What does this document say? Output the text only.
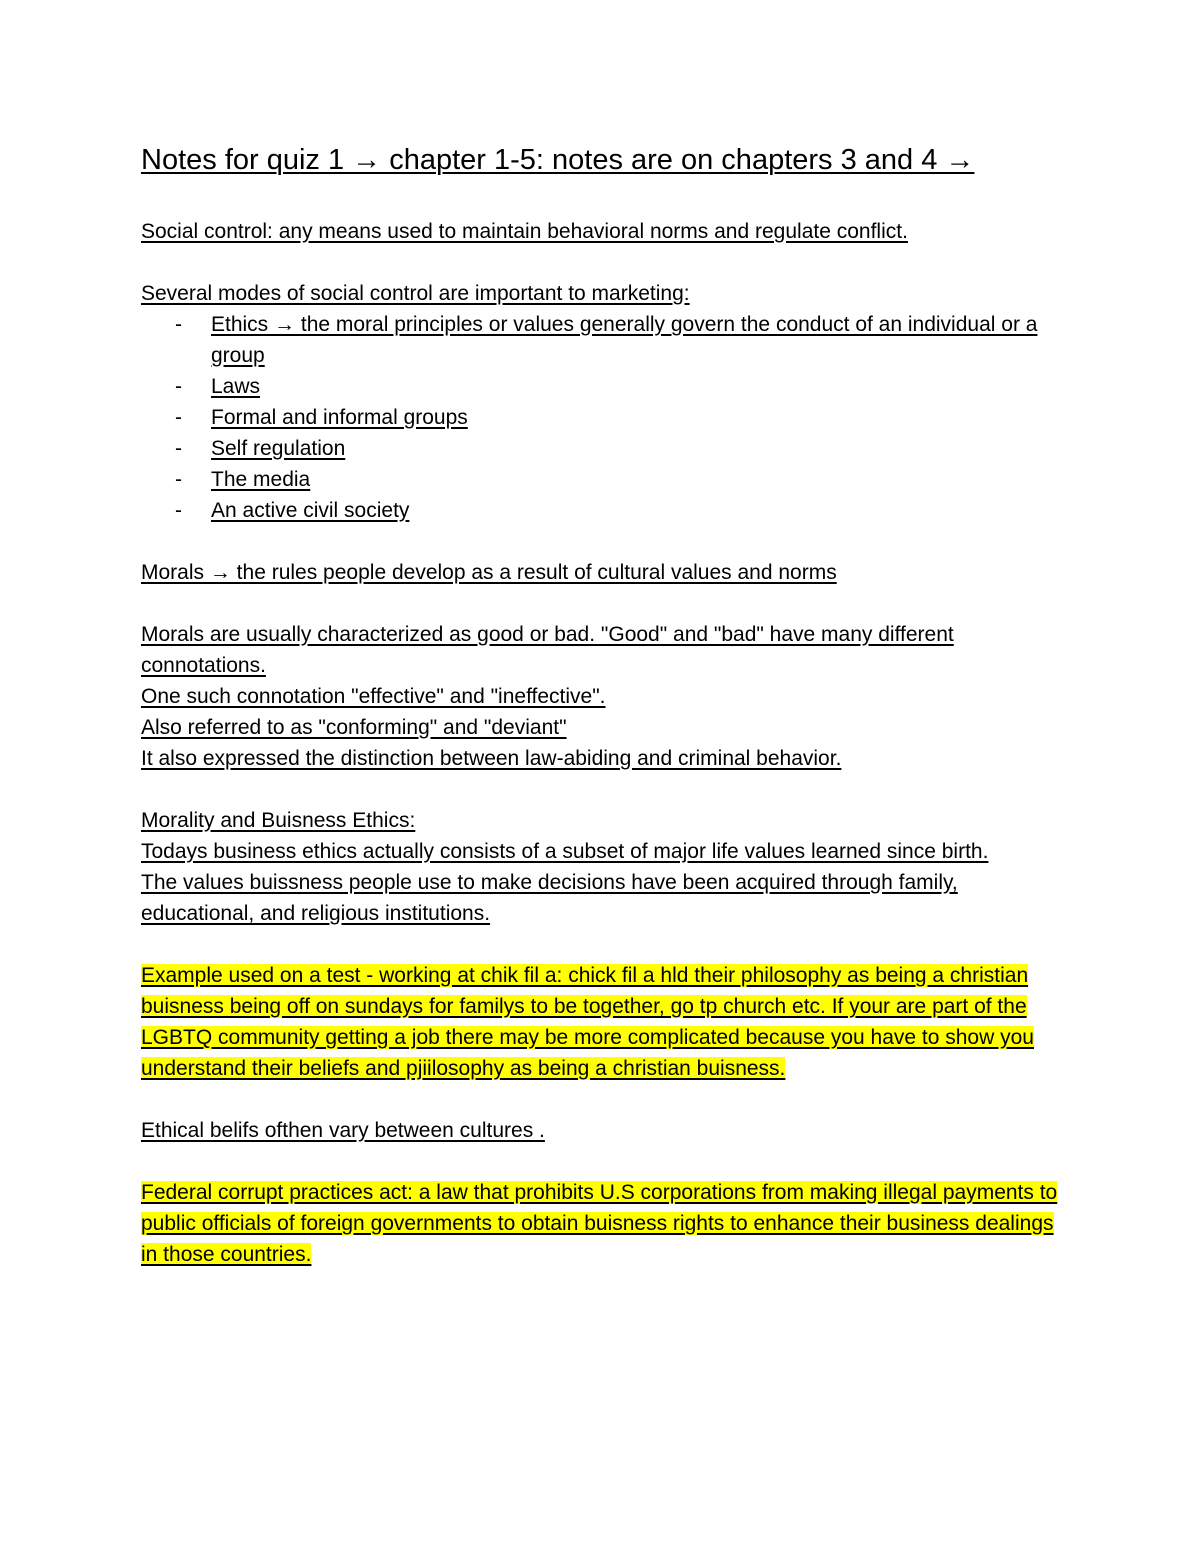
Notes for quiz 1 → chapter 1-5: notes are on chapters 3 and 4 →

Social control: any means used to maintain behavioral norms and regulate conflict.

Several modes of social control are important to marketing:

- Ethics → the moral principles or values generally govern the conduct of an individual or a group
- Laws
- Formal and informal groups
- Self regulation
- The media
- An active civil society

Morals → the rules people develop as a result of cultural values and norms

Morals are usually characterized as good or bad. "Good" and "bad" have many different connotations.

One such connotation "effective" and "ineffective".

Also referred to as "conforming" and "deviant"

It also expressed the distinction between law-abiding and criminal behavior.

Morality and Buisness Ethics:

Todays business ethics actually consists of a subset of major life values learned since birth.

The values buissness people use to make decisions have been acquired through family, educational, and religious institutions.

Example used on a test - working at chik fil a: chick fil a hld their philosophy as being a christian buisness being off on sundays for familys to be together, go tp church etc. If your are part of the LGBTQ community getting a job there may be more complicated because you have to show you understand their beliefs and pjiilosophy as being a christian buisness.

Ethical belifs ofthen vary between cultures .

Federal corrupt practices act: a law that prohibits U.S corporations from making illegal payments to public officials of foreign governments to obtain buisness rights to enhance their business dealings in those countries.
